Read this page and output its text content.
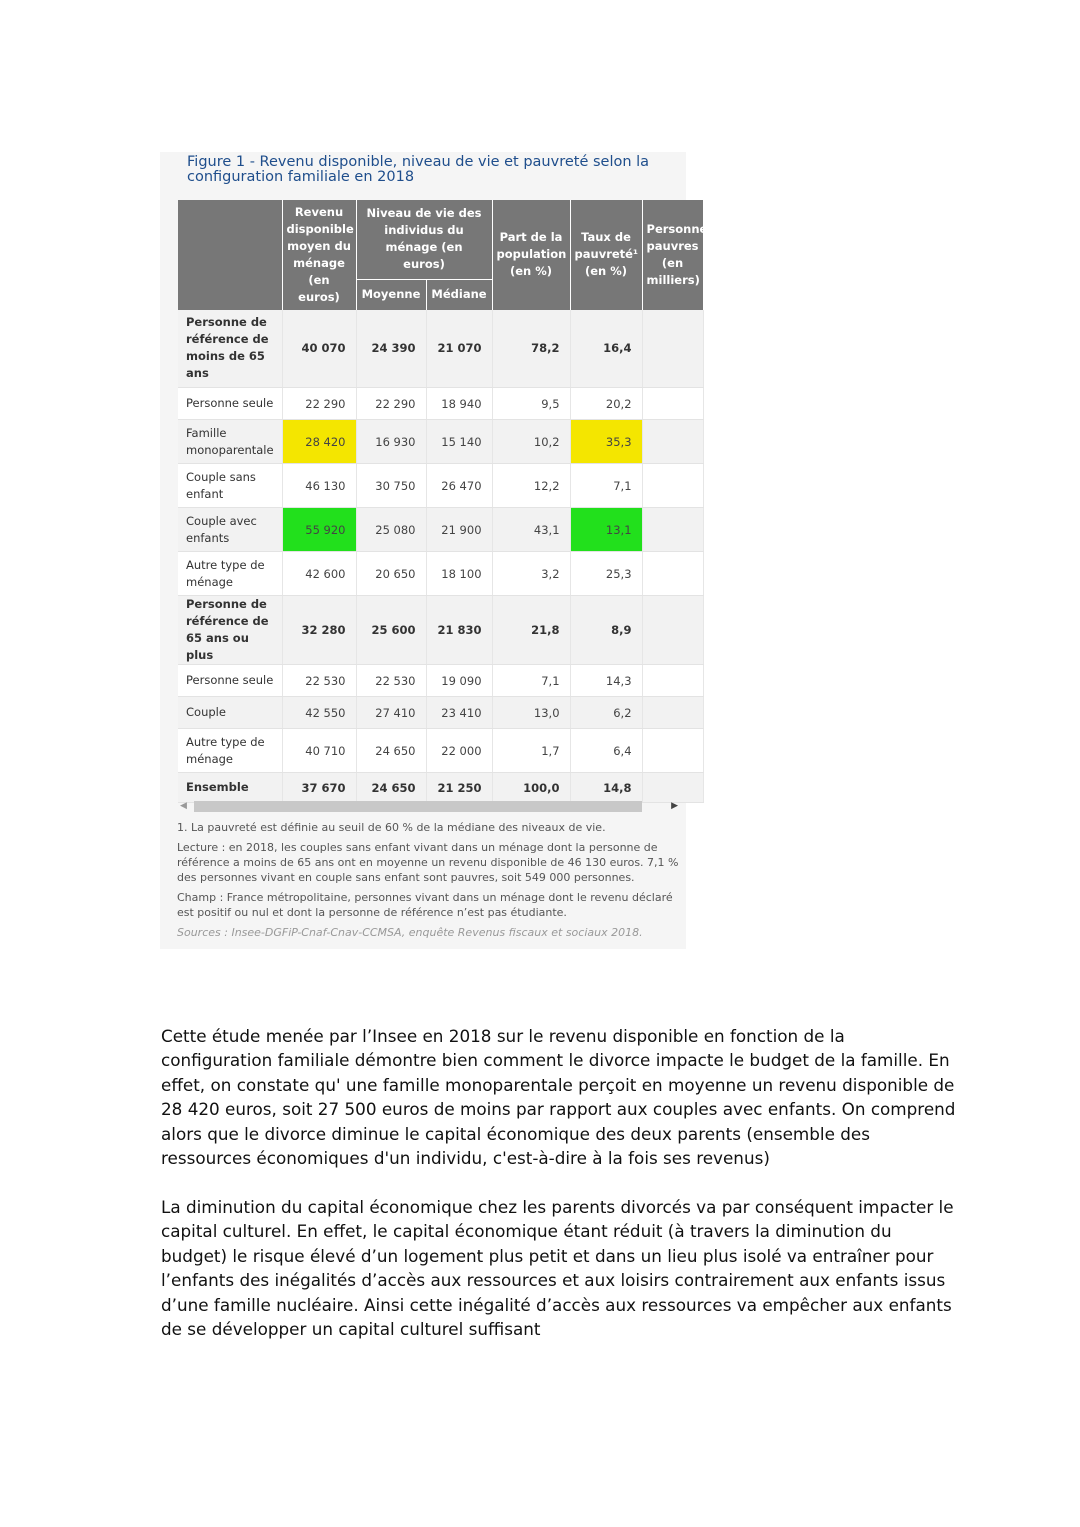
Figure 1 - Revenu disponible, niveau de vie et pauvreté selon la configuration familiale en 2018
	Revenu disponible moyen du ménage (en euros)	Niveau de vie des individus du ménage (en euros)		Part de la population (en %)	Taux de pauvreté¹ (en %)	Personnes pauvres (en milliers)
		Moyenne	Médiane			
Personne de référence de moins de 65 ans	40 070	24 390	21 070	78,2	16,4	
Personne seule	22 290	22 290	18 940	9,5	20,2	
Famille monoparentale	28 420	16 930	15 140	10,2	35,3	
Couple sans enfant	46 130	30 750	26 470	12,2	7,1	
Couple avec enfants	55 920	25 080	21 900	43,1	13,1	
Autre type de ménage	42 600	20 650	18 100	3,2	25,3	
Personne de référence de 65 ans ou plus	32 280	25 600	21 830	21,8	8,9	
Personne seule	22 530	22 530	19 090	7,1	14,3	
Couple	42 550	27 410	23 410	13,0	6,2	
Autre type de ménage	40 710	24 650	22 000	1,7	6,4	
Ensemble	37 670	24 650	21 250	100,0	14,8	
◀	▶

1. La pauvreté est définie au seuil de 60 % de la médiane des niveaux de vie.

Lecture : en 2018, les couples sans enfant vivant dans un ménage dont la personne de référence a moins de 65 ans ont en moyenne un revenu disponible de 46 130 euros. 7,1 % des personnes vivant en couple sans enfant sont pauvres, soit 549 000 personnes.

Champ : France métropolitaine, personnes vivant dans un ménage dont le revenu déclaré est positif ou nul et dont la personne de référence n’est pas étudiante.

Sources : Insee-DGFiP-Cnaf-Cnav-CCMSA, enquête Revenus fiscaux et sociaux 2018.

Cette étude menée par l’Insee en 2018 sur le revenu disponible en fonction de la configuration familiale démontre bien comment le divorce impacte le budget de la famille. En effet, on constate qu' une famille monoparentale perçoit en moyenne un revenu disponible de 28 420 euros, soit 27 500 euros de moins par rapport aux couples avec enfants. On comprend alors que le divorce diminue le capital économique des deux parents (ensemble des ressources économiques d'un individu, c'est-à-dire à la fois ses revenus)

La diminution du capital économique chez les parents divorcés va par conséquent impacter le capital culturel. En effet, le capital économique étant réduit (à travers la diminution du budget) le risque élevé d’un logement plus petit et dans un lieu plus isolé va entraîner pour l’enfants des inégalités d’accès aux ressources et aux loisirs contrairement aux enfants issus d’une famille nucléaire. Ainsi cette inégalité d’accès aux ressources va empêcher aux enfants de se développer un capital culturel suffisant
